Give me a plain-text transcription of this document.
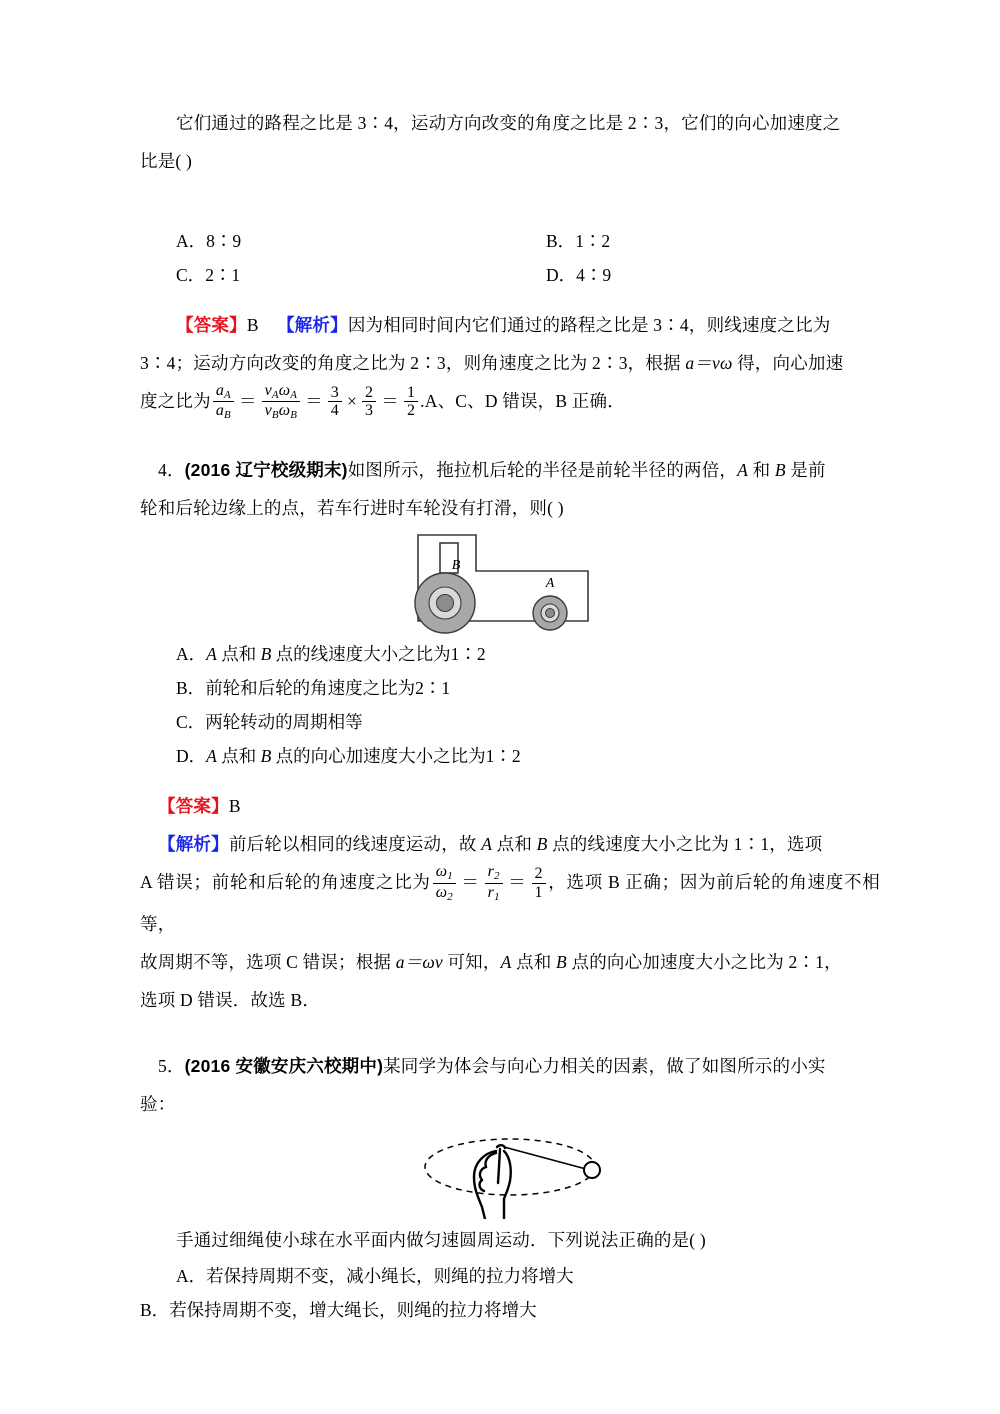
它们通过的路程之比是 3∶4，运动方向改变的角度之比是 2∶3，它们的向心加速度之
比是( )
A．8∶9	B．1∶2
C．2∶1	D．4∶9
【答案】B 【解析】因为相同时间内它们通过的路程之比是 3∶4，则线速度之比为
3∶4；运动方向改变的角度之比为 2∶3，则角速度之比为 2∶3，根据 a＝vω 得，向心加速
度之比为 $\frac{a_A}{a_B} = \frac{v_A\omega_A}{v_B\omega_B} = \frac{3}{4} \times \frac{2}{3} = \frac{1}{2} .A$、C、D 错误，B 正确．
4．(2016 辽宁校级期末)如图所示，拖拉机后轮的半径是前轮半径的两倍，A 和 B 是前
轮和后轮边缘上的点，若车行进时车轮没有打滑，则( )
B
A
A．A 点和 B 点的线速度大小之比为1∶2
B．前轮和后轮的角速度之比为2∶1
C．两轮转动的周期相等
D．A 点和 B 点的向心加速度大小之比为1∶2
【答案】B
【解析】前后轮以相同的线速度运动，故 A 点和 B 点的线速度大小之比为 1∶1，选项
A 错误；前轮和后轮的角速度之比为 $\frac{\omega_1}{\omega_2} = \frac{r_2}{r_1} = \frac{2}{1}$ ，选项 B 正确；因为前后轮的角速度不相等，
故周期不等，选项 C 错误；根据 a＝ωv 可知，A 点和 B 点的向心加速度大小之比为 2∶1，
选项 D 错误．故选 B．
5．(2016 安徽安庆六校期中)某同学为体会与向心力相关的因素，做了如图所示的小实
验：
手通过细绳使小球在水平面内做匀速圆周运动．下列说法正确的是( )
A．若保持周期不变，减小绳长，则绳的拉力将增大
B．若保持周期不变，增大绳长，则绳的拉力将增大
